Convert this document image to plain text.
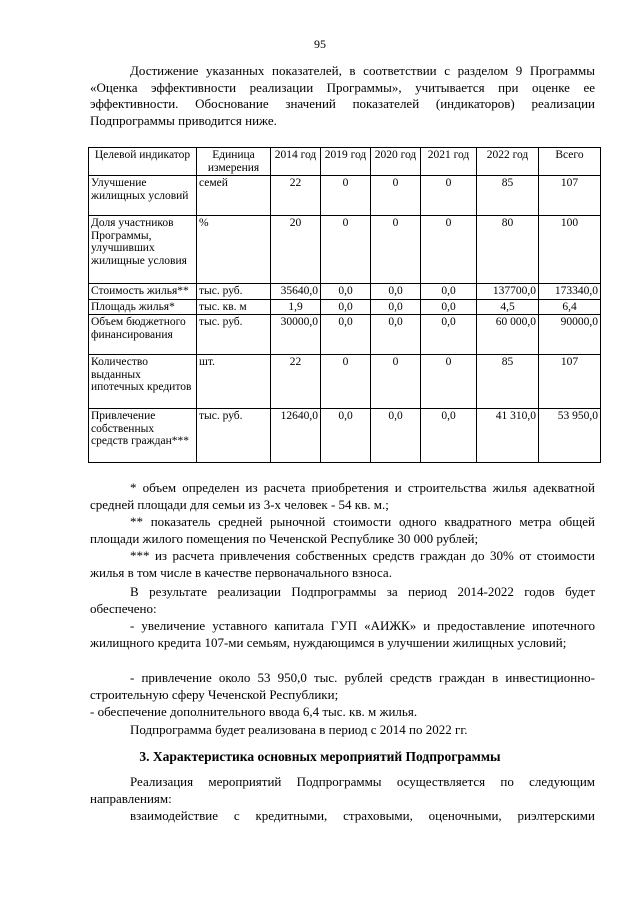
95

Достижение указанных показателей, в соответствии с разделом 9 Программы «Оценка эффективности реализации Программы», учитывается при оценке ее эффективности. Обоснование значений показателей (индикаторов) реализации Подпрограммы приводится ниже.

Целевой индикатор	Единица измерения	2014 год	2019 год	2020 год	2021 год	2022 год	Всего
Улучшение жилищных условий	семей	22	0	0	0	85	107
Доля участников Программы, улучшивших жилищные условия	%	20	0	0	0	80	100
Стоимость жилья**	тыс. руб.	35640,0	0,0	0,0	0,0	137700,0	173340,0
Площадь жилья*	тыс. кв. м	1,9	0,0	0,0	0,0	4,5	6,4
Объем бюджетного финансирования	тыс. руб.	30000,0	0,0	0,0	0,0	60 000,0	90000,0
Количество выданных ипотечных кредитов	шт.	22	0	0	0	85	107
Привлечение собственных средств граждан***	тыс. руб.	12640,0	0,0	0,0	0,0	41 310,0	53 950,0

* объем определен из расчета приобретения и строительства жилья адекватной средней площади для семьи из 3-х человек - 54 кв. м.;

** показатель средней рыночной стоимости одного квадратного метра общей площади жилого помещения по Чеченской Республике 30 000 рублей;

*** из расчета привлечения собственных средств граждан до 30% от стоимости жилья в том числе в качестве первоначального взноса.

В результате реализации Подпрограммы за период 2014-2022 годов будет обеспечено:

- увеличение уставного капитала ГУП «АИЖК» и предоставление ипотечного жилищного кредита 107-ми семьям, нуждающимся в улучшении жилищных условий;

- привлечение около 53 950,0 тыс. рублей средств граждан в инвестиционно-строительную сферу Чеченской Республики;

- обеспечение дополнительного ввода 6,4 тыс. кв. м жилья.

Подпрограмма будет реализована в период с 2014 по 2022 гг.

3. Характеристика основных мероприятий Подпрограммы

Реализация мероприятий Подпрограммы осуществляется по следующим направлениям:

взаимодействие с кредитными, страховыми, оценочными, риэлтерскими
